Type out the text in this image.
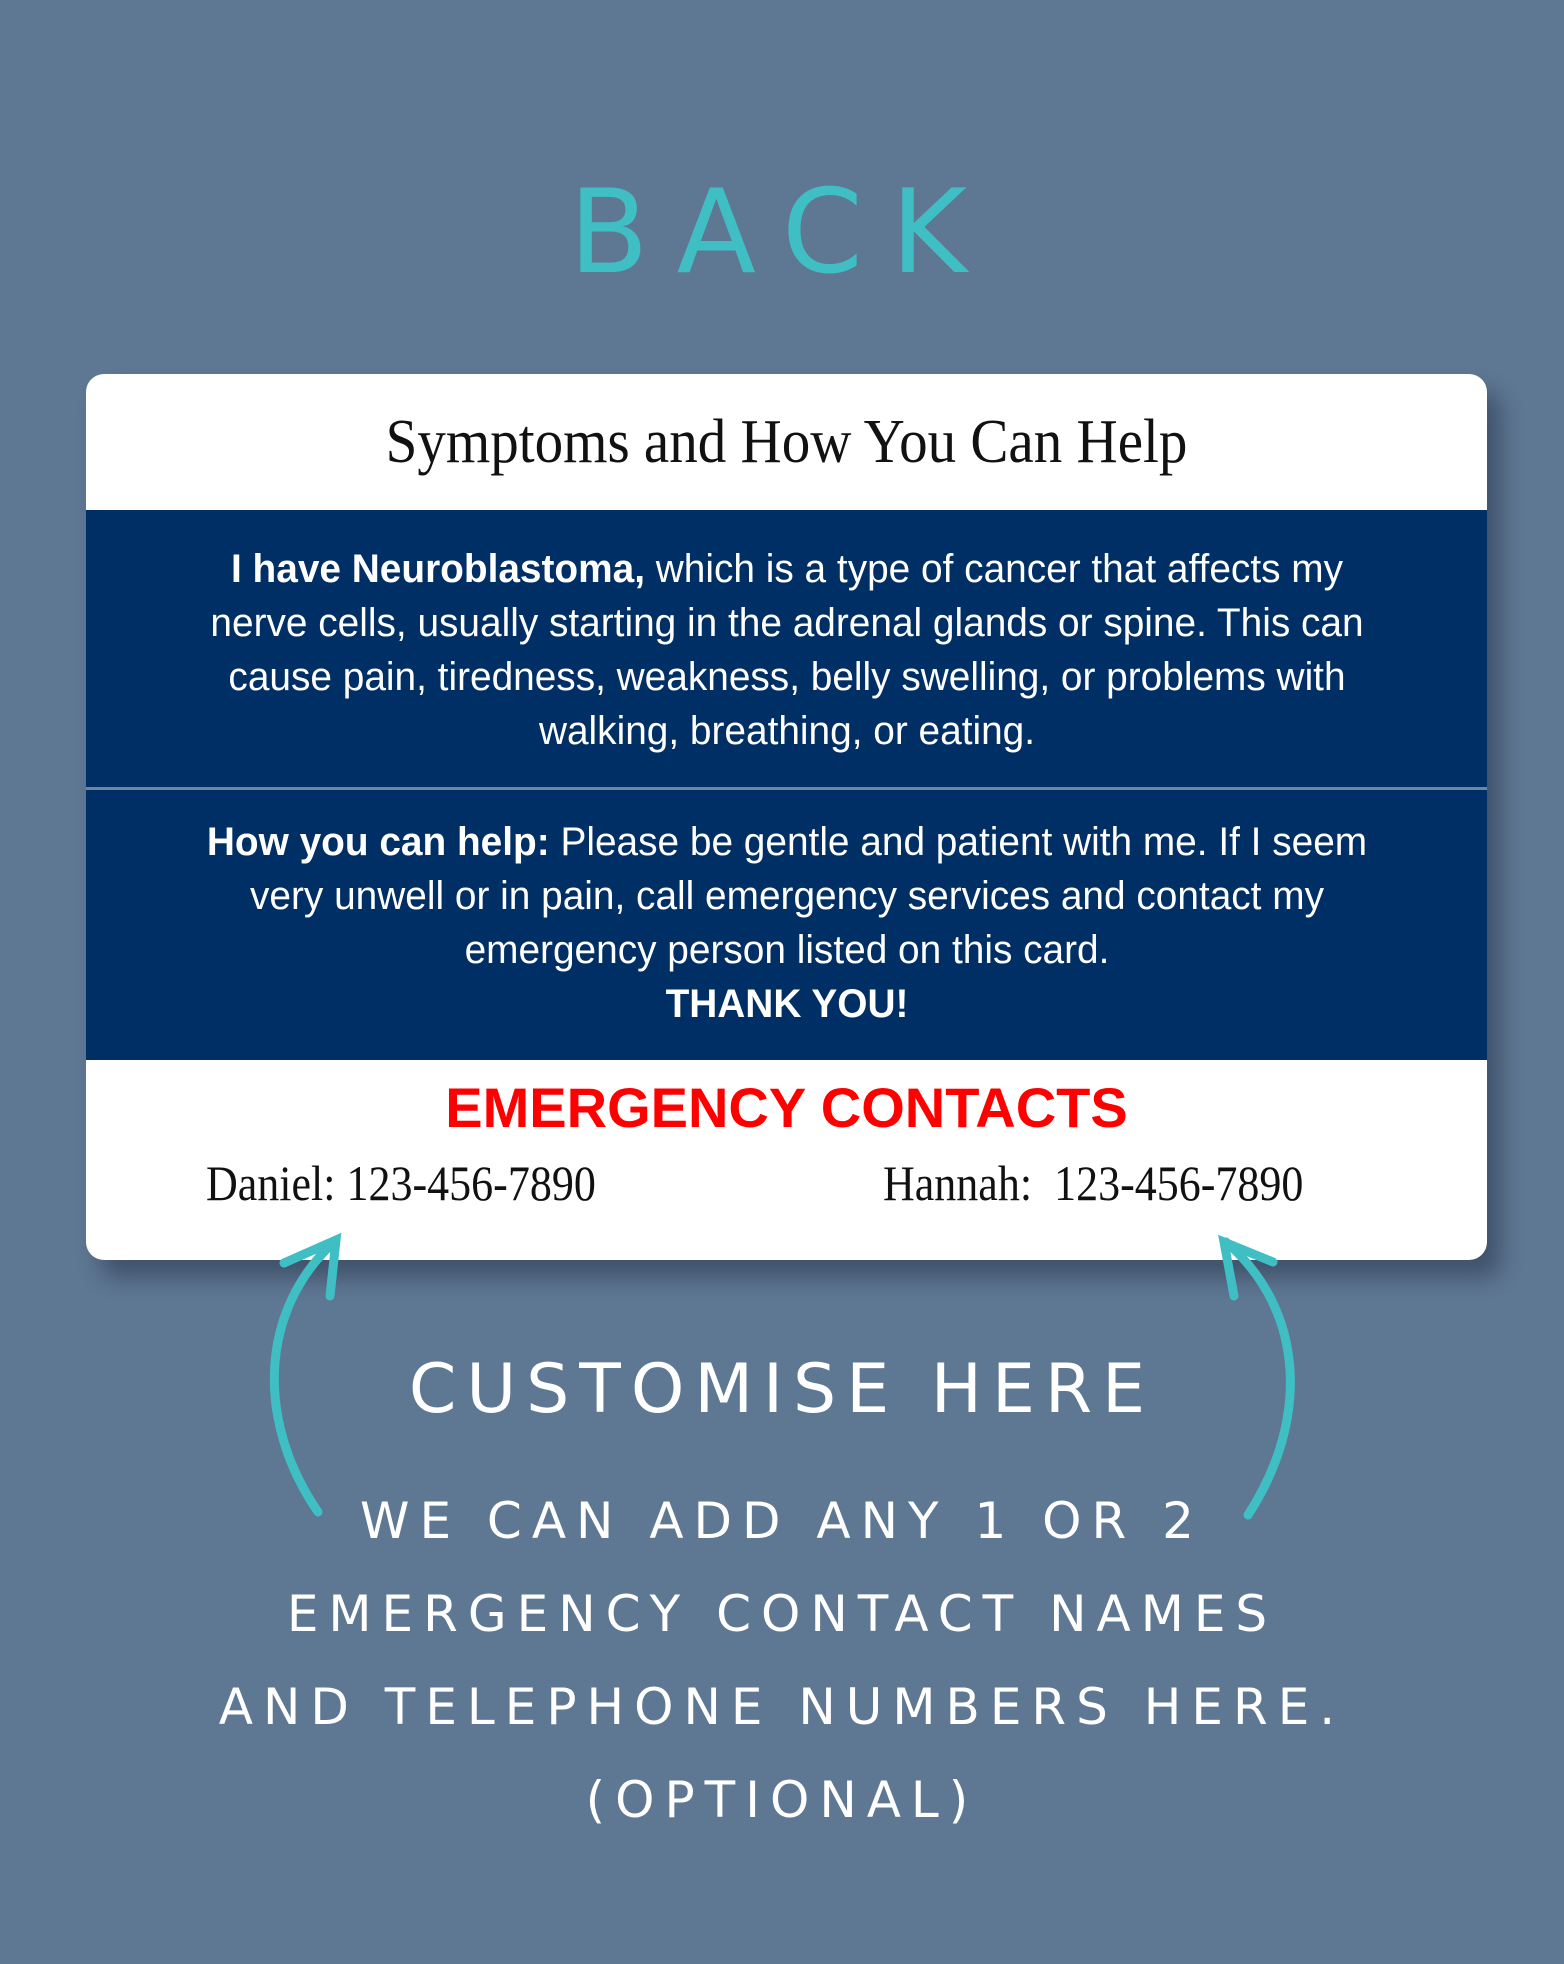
BACK
Symptoms and How You Can Help
I have Neuroblastoma, which is a type of cancer that affects my nerve cells, usually starting in the adrenal glands or spine. This can cause pain, tiredness, weakness, belly swelling, or problems with walking, breathing, or eating.
How you can help: Please be gentle and patient with me. If I seem very unwell or in pain, call emergency services and contact my emergency person listed on this card.
THANK YOU!
EMERGENCY CONTACTS
Daniel: 123-456-7890	Hannah: 123-456-7890
CUSTOMISE HERE
WE CAN ADD ANY 1 OR 2
EMERGENCY CONTACT NAMES
AND TELEPHONE NUMBERS HERE.
(OPTIONAL)
